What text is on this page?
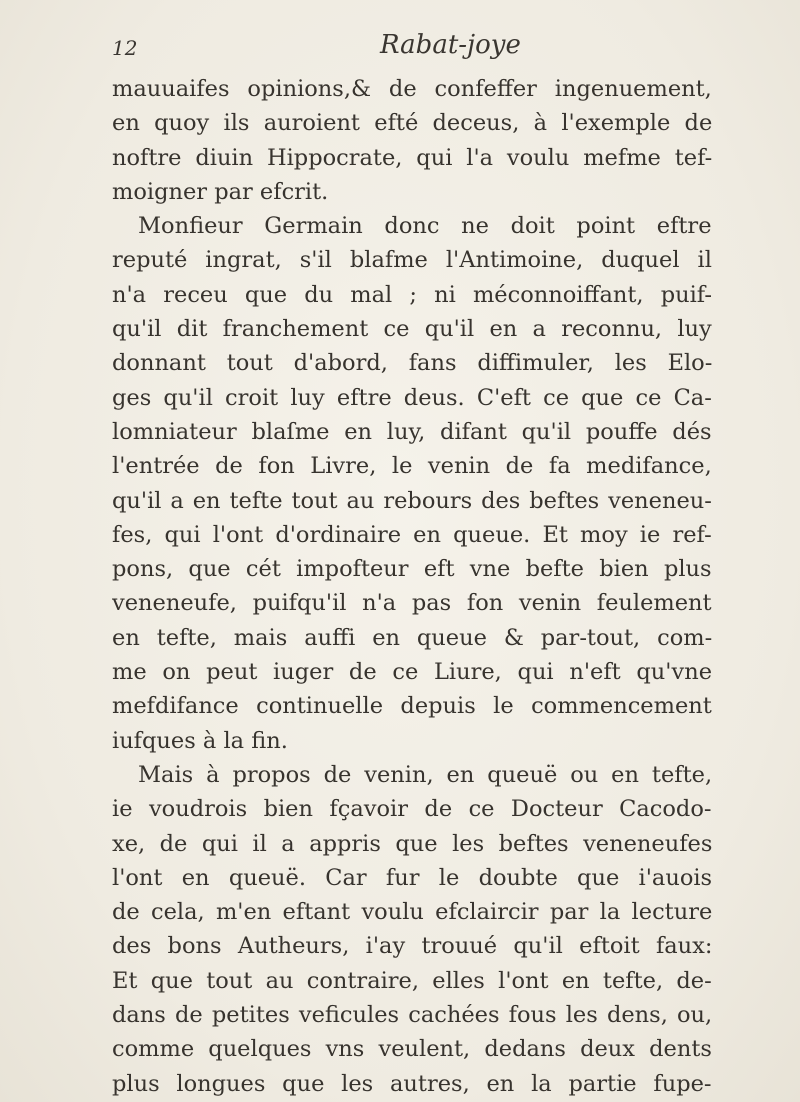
12	Rabat-joye
mauuaifes opinions,& de confeffer ingenuement,
en quoy ils auroient efté deceus, à l'exemple de
noftre diuin Hippocrate, qui l'a voulu mefme tef-
moigner par efcrit.
Monfieur Germain donc ne doit point eftre
reputé ingrat, s'il blafme l'Antimoine, duquel il
n'a receu que du mal ; ni méconnoiffant, puif-
qu'il dit franchement ce qu'il en a reconnu, luy
donnant tout d'abord, fans diffimuler, les Elo-
ges qu'il croit luy eftre deus. C'eft ce que ce Ca-
lomniateur blaſme en luy, difant qu'il pouffe dés
l'entrée de fon Livre, le venin de fa medifance,
qu'il a en tefte tout au rebours des beftes veneneu-
fes, qui l'ont d'ordinaire en queue. Et moy ie ref-
pons, que cét impofteur eft vne befte bien plus
veneneufe, puifqu'il n'a pas fon venin feulement
en tefte, mais auffi en queue & par-tout, com-
me on peut iuger de ce Liure, qui n'eft qu'vne
mefdifance continuelle depuis le commencement
iufques à la fin.
Mais à propos de venin, en queuë ou en tefte,
ie voudrois bien fçavoir de ce Docteur Cacodo-
xe, de qui il a appris que les beftes veneneufes
l'ont en queuë. Car fur le doubte que i'auois
de cela, m'en eftant voulu efclaircir par la lecture
des bons Autheurs, i'ay trouué qu'il eftoit faux:
Et que tout au contraire, elles l'ont en tefte, de-
dans de petites veficules cachées fous les dens, ou,
comme quelques vns veulent, dedans deux dents
plus longues que les autres, en la partie fupe-
